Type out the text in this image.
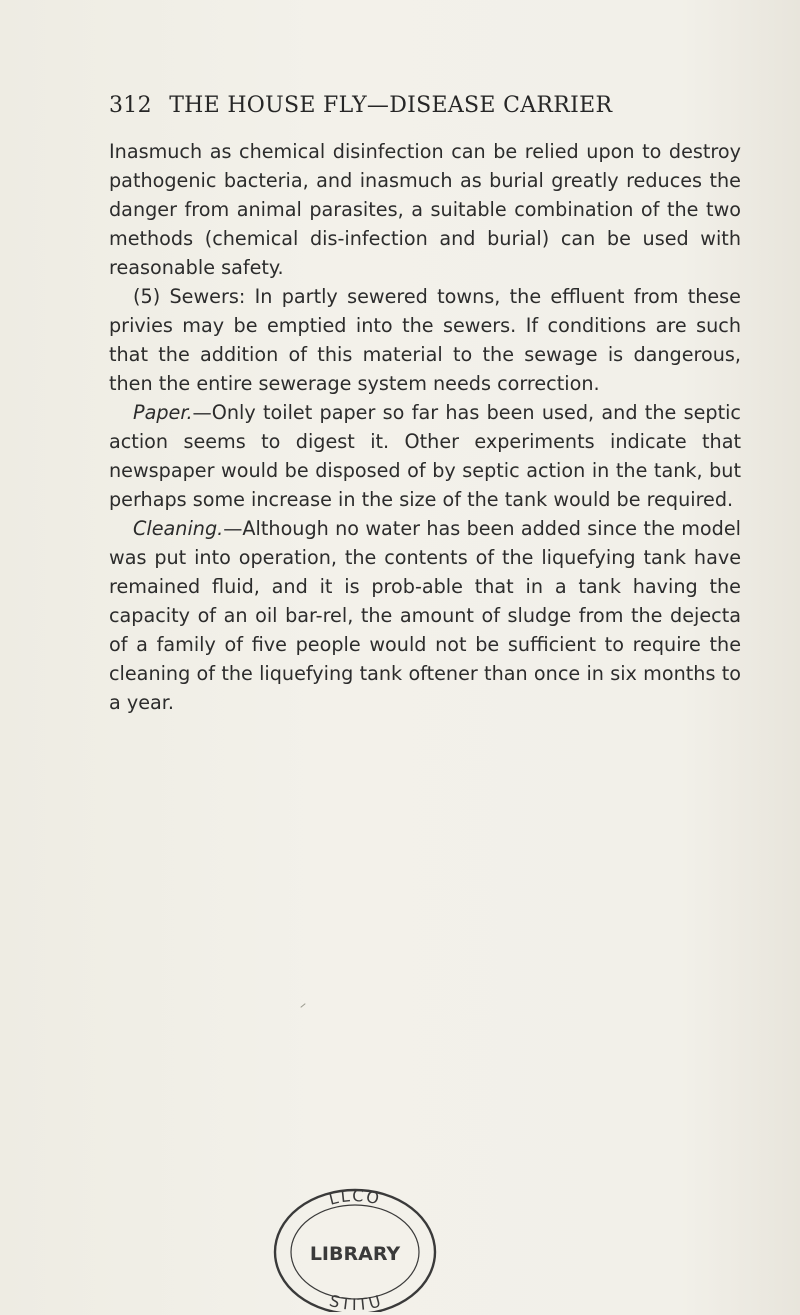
312 THE HOUSE FLY—DISEASE CARRIER

Inasmuch as chemical disinfection can be relied upon to destroy pathogenic bacteria, and inasmuch as burial greatly reduces the danger from animal parasites, a suitable combination of the two methods (chemical dis-infection and burial) can be used with reasonable safety.

(5) Sewers: In partly sewered towns, the effluent from these privies may be emptied into the sewers. If conditions are such that the addition of this material to the sewage is dangerous, then the entire sewerage system needs correction.

Paper.—Only toilet paper so far has been used, and the septic action seems to digest it. Other experiments indicate that newspaper would be disposed of by septic action in the tank, but perhaps some increase in the size of the tank would be required.

Cleaning.—Although no water has been added since the model was put into operation, the contents of the liquefying tank have remained fluid, and it is prob-able that in a tank having the capacity of an oil bar-rel, the amount of sludge from the dejecta of a family of five people would not be sufficient to require the cleaning of the liquefying tank oftener than once in six months to a year.

LLCO
LIBRARY
STITU
